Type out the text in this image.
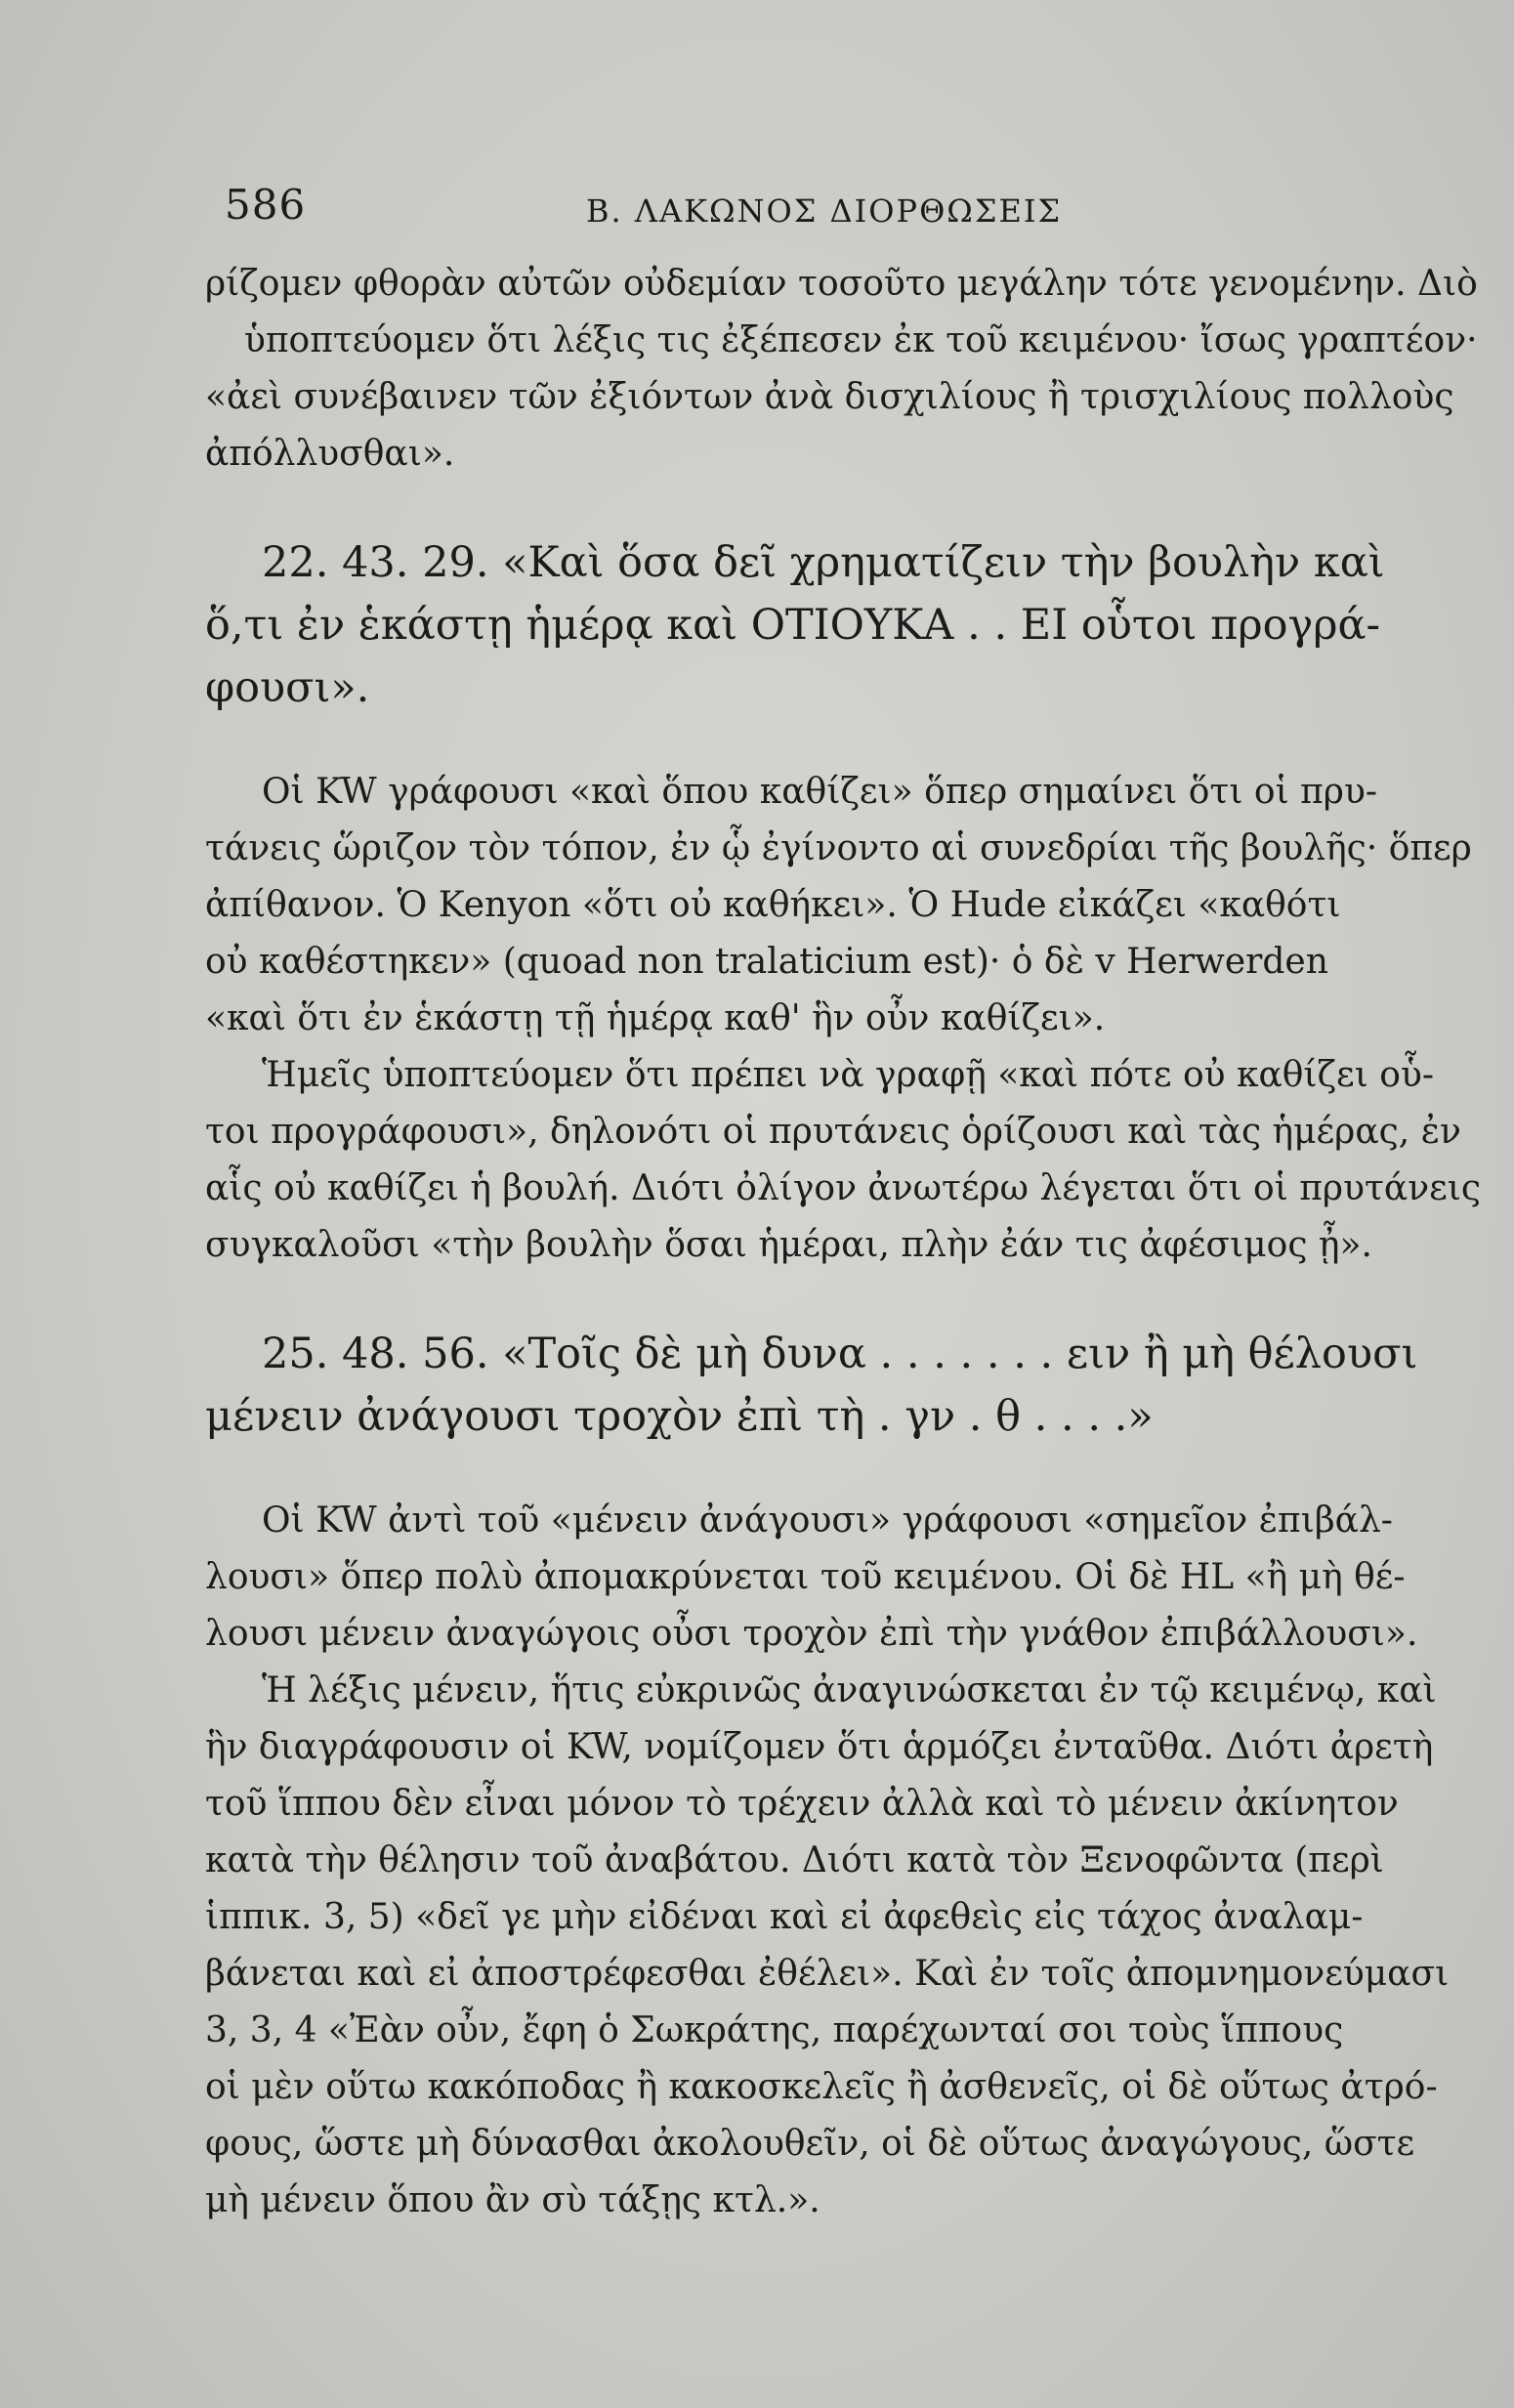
586	Β. ΛΑΚΩΝΟΣ ΔΙΟΡΘΩΣΕΙΣ
ρίζομεν φθορὰν αὐτῶν οὐδεμίαν τοσοῦτο μεγάλην τότε γενομένην. Διὸ
ὑποπτεύομεν ὅτι λέξις τις ἐξέπεσεν ἐκ τοῦ κειμένου· ἴσως γραπτέον·
«ἀεὶ συνέβαινεν τῶν ἐξιόντων ἀνὰ δισχιλίους ἢ τρισχιλίους πολλοὺς
ἀπόλλυσθαι».
22. 43. 29. «Καὶ ὅσα δεῖ χρηματίζειν τὴν βουλὴν καὶ
ὅ,τι ἐν ἑκάστῃ ἡμέρᾳ καὶ ΟΤΙΟΥΚΑ . . ΕΙ οὗτοι προγρά-
φουσι».
Οἱ KW γράφουσι «καὶ ὅπου καθίζει» ὅπερ σημαίνει ὅτι οἱ πρυ-
τάνεις ὥριζον τὸν τόπον, ἐν ᾧ ἐγίνοντο αἱ συνεδρίαι τῆς βουλῆς· ὅπερ
ἀπίθανον. Ὁ Kenyon «ὅτι οὐ καθήκει». Ὁ Hude εἰκάζει «καθότι
οὐ καθέστηκεν» (quoad non tralaticium est)· ὁ δὲ v Herwerden
«καὶ ὅτι ἐν ἑκάστῃ τῇ ἡμέρᾳ καθ' ἣν οὖν καθίζει».
Ἡμεῖς ὑποπτεύομεν ὅτι πρέπει νὰ γραφῇ «καὶ πότε οὐ καθίζει οὗ-
τοι προγράφουσι», δηλονότι οἱ πρυτάνεις ὁρίζουσι καὶ τὰς ἡμέρας, ἐν
αἷς οὐ καθίζει ἡ βουλή. Διότι ὀλίγον ἀνωτέρω λέγεται ὅτι οἱ πρυτάνεις
συγκαλοῦσι «τὴν βουλὴν ὅσαι ἡμέραι, πλὴν ἐάν τις ἀφέσιμος ᾖ».
25. 48. 56. «Τοῖς δὲ μὴ δυνα . . . . . . . ειν ἢ μὴ θέλουσι
μένειν ἀνάγουσι τροχὸν ἐπὶ τὴ . γν . θ . . . .»
Οἱ KW ἀντὶ τοῦ «μένειν ἀνάγουσι» γράφουσι «σημεῖον ἐπιβάλ-
λουσι» ὅπερ πολὺ ἀπομακρύνεται τοῦ κειμένου. Οἱ δὲ HL «ἢ μὴ θέ-
λουσι μένειν ἀναγώγοις οὖσι τροχὸν ἐπὶ τὴν γνάθον ἐπιβάλλουσι».
Ἡ λέξις μένειν, ἥτις εὐκρινῶς ἀναγινώσκεται ἐν τῷ κειμένῳ, καὶ
ἣν διαγράφουσιν οἱ KW, νομίζομεν ὅτι ἁρμόζει ἐνταῦθα. Διότι ἀρετὴ
τοῦ ἵππου δὲν εἶναι μόνον τὸ τρέχειν ἀλλὰ καὶ τὸ μένειν ἀκίνητον
κατὰ τὴν θέλησιν τοῦ ἀναβάτου. Διότι κατὰ τὸν Ξενοφῶντα (περὶ
ἱππικ. 3, 5) «δεῖ γε μὴν εἰδέναι καὶ εἰ ἀφεθεὶς εἰς τάχος ἀναλαμ-
βάνεται καὶ εἰ ἀποστρέφεσθαι ἐθέλει». Καὶ ἐν τοῖς ἀπομνημονεύμασι
3, 3, 4 «Ἐὰν οὖν, ἔφη ὁ Σωκράτης, παρέχωνταί σοι τοὺς ἵππους
οἱ μὲν οὕτω κακόποδας ἢ κακοσκελεῖς ἢ ἀσθενεῖς, οἱ δὲ οὕτως ἀτρό-
φους, ὥστε μὴ δύνασθαι ἀκολουθεῖν, οἱ δὲ οὕτως ἀναγώγους, ὥστε
μὴ μένειν ὅπου ἂν σὺ τάξῃς κτλ.».
